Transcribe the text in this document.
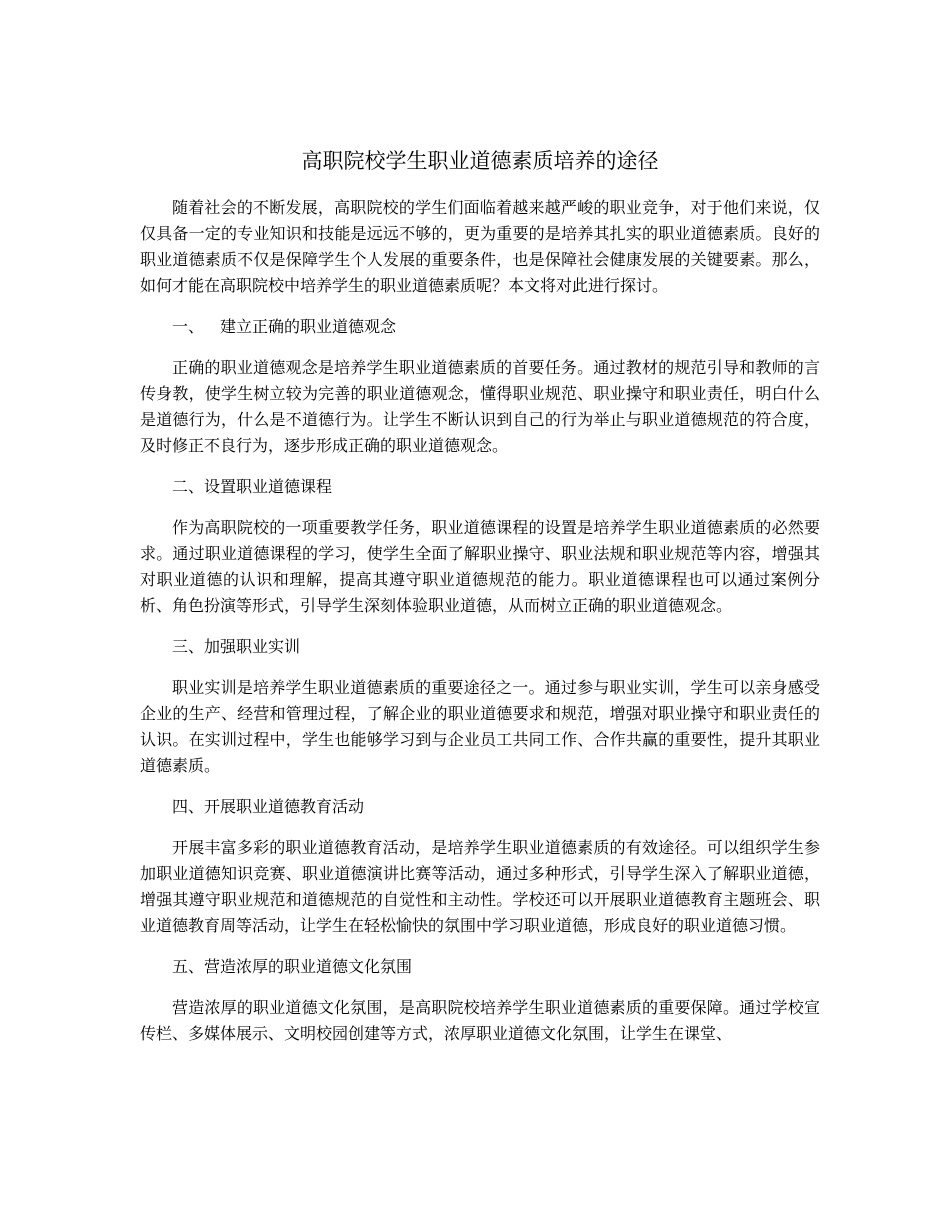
高职院校学生职业道德素质培养的途径

随着社会的不断发展，高职院校的学生们面临着越来越严峻的职业竞争，对于他们来说，仅仅具备一定的专业知识和技能是远远不够的，更为重要的是培养其扎实的职业道德素质。良好的职业道德素质不仅是保障学生个人发展的重要条件，也是保障社会健康发展的关键要素。那么，如何才能在高职院校中培养学生的职业道德素质呢？本文将对此进行探讨。

一、 建立正确的职业道德观念

正确的职业道德观念是培养学生职业道德素质的首要任务。通过教材的规范引导和教师的言传身教，使学生树立较为完善的职业道德观念，懂得职业规范、职业操守和职业责任，明白什么是道德行为，什么是不道德行为。让学生不断认识到自己的行为举止与职业道德规范的符合度，及时修正不良行为，逐步形成正确的职业道德观念。

二、设置职业道德课程

作为高职院校的一项重要教学任务，职业道德课程的设置是培养学生职业道德素质的必然要求。通过职业道德课程的学习，使学生全面了解职业操守、职业法规和职业规范等内容，增强其对职业道德的认识和理解，提高其遵守职业道德规范的能力。职业道德课程也可以通过案例分析、角色扮演等形式，引导学生深刻体验职业道德，从而树立正确的职业道德观念。

三、加强职业实训

职业实训是培养学生职业道德素质的重要途径之一。通过参与职业实训，学生可以亲身感受企业的生产、经营和管理过程，了解企业的职业道德要求和规范，增强对职业操守和职业责任的认识。在实训过程中，学生也能够学习到与企业员工共同工作、合作共赢的重要性，提升其职业道德素质。

四、开展职业道德教育活动

开展丰富多彩的职业道德教育活动，是培养学生职业道德素质的有效途径。可以组织学生参加职业道德知识竞赛、职业道德演讲比赛等活动，通过多种形式，引导学生深入了解职业道德，增强其遵守职业规范和道德规范的自觉性和主动性。学校还可以开展职业道德教育主题班会、职业道德教育周等活动，让学生在轻松愉快的氛围中学习职业道德，形成良好的职业道德习惯。

五、营造浓厚的职业道德文化氛围

营造浓厚的职业道德文化氛围，是高职院校培养学生职业道德素质的重要保障。通过学校宣传栏、多媒体展示、文明校园创建等方式，浓厚职业道德文化氛围，让学生在课堂、
